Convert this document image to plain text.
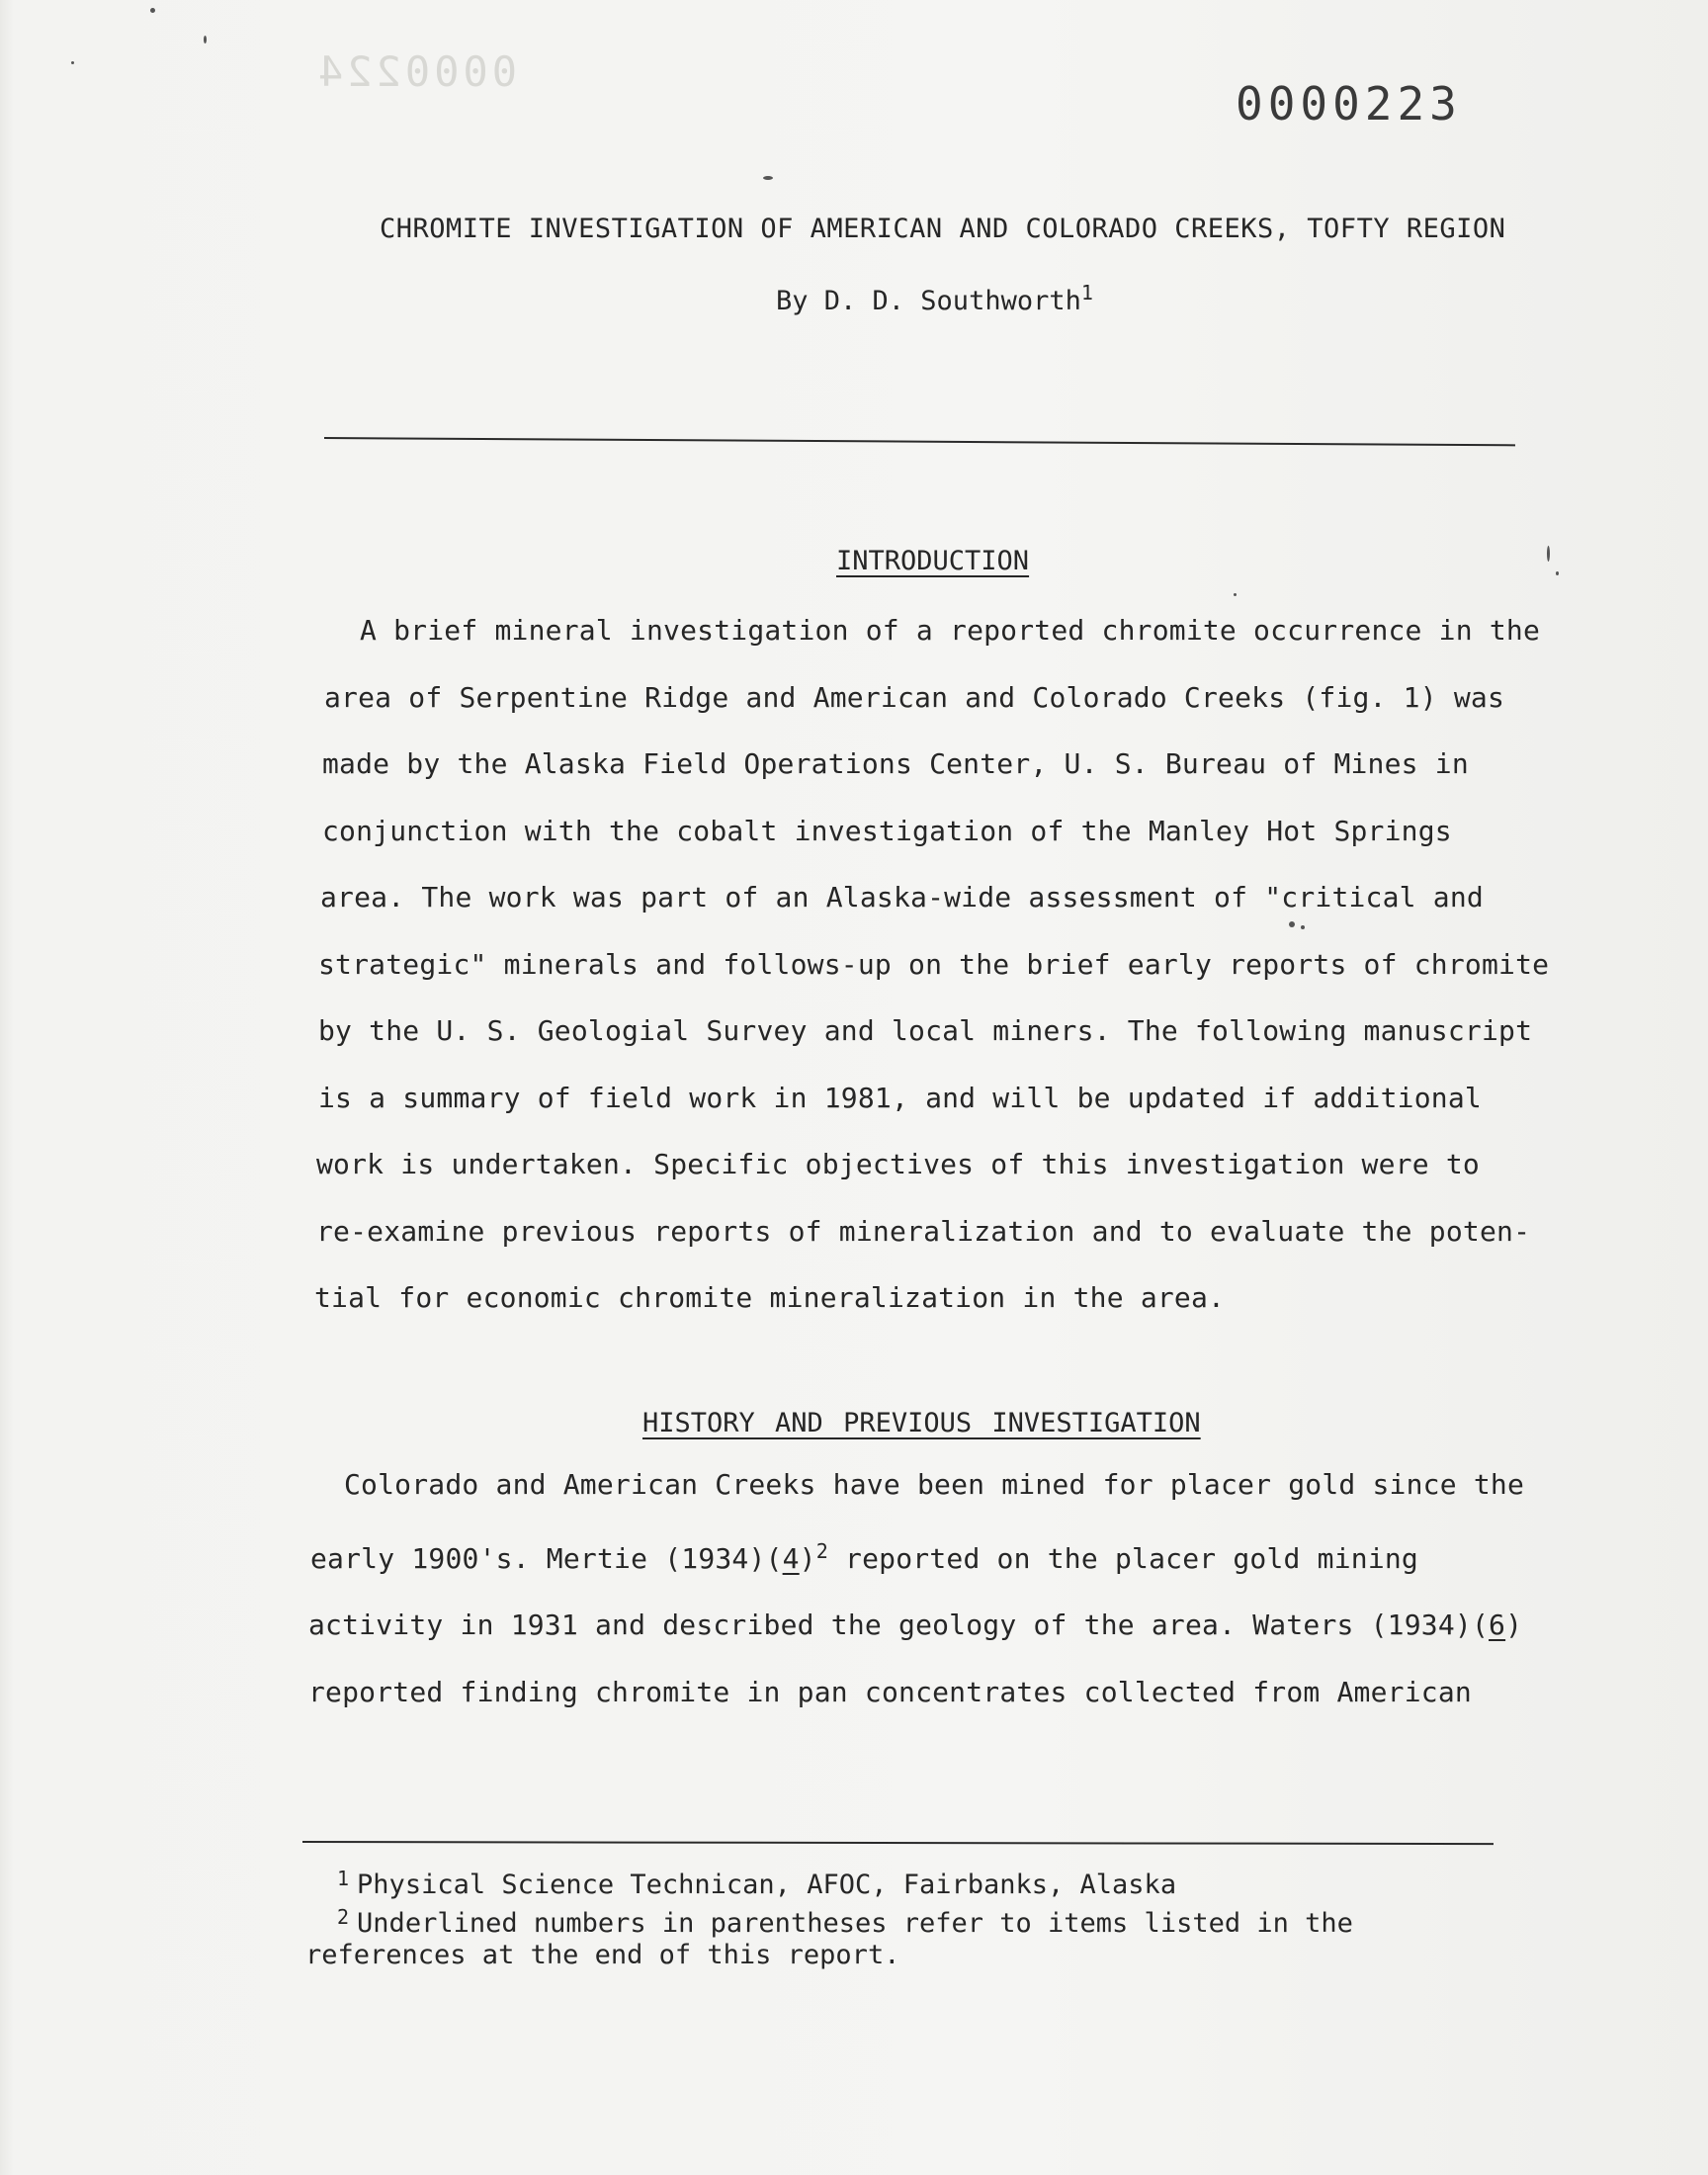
0000224
0000223
CHROMITE INVESTIGATION OF AMERICAN AND COLORADO CREEKS, TOFTY REGION
By D. D. Southworth$^1$
INTRODUCTION

A brief mineral investigation of a reported chromite occurrence in the

area of Serpentine Ridge and American and Colorado Creeks (fig. 1) was

made by the Alaska Field Operations Center, U. S. Bureau of Mines in

conjunction with the cobalt investigation of the Manley Hot Springs

area. The work was part of an Alaska-wide assessment of "critical and

strategic" minerals and follows-up on the brief early reports of chromite

by the U. S. Geologial Survey and local miners. The following manuscript

is a summary of field work in 1981, and will be updated if additional

work is undertaken. Specific objectives of this investigation were to

re-examine previous reports of mineralization and to evaluate the poten-

tial for economic chromite mineralization in the area.

HISTORY AND PREVIOUS INVESTIGATION

Colorado and American Creeks have been mined for placer gold since the

early 1900's. Mertie $(1934)(4)^2$ reported on the placer gold mining

activity in 1931 and described the geology of the area. Waters (1934)(6)

reported finding chromite in pan concentrates collected from American

$^1$ Physical Science Technican, AFOC, Fairbanks, Alaska

$^2$ Underlined numbers in parentheses refer to items listed in the

references at the end of this report.
